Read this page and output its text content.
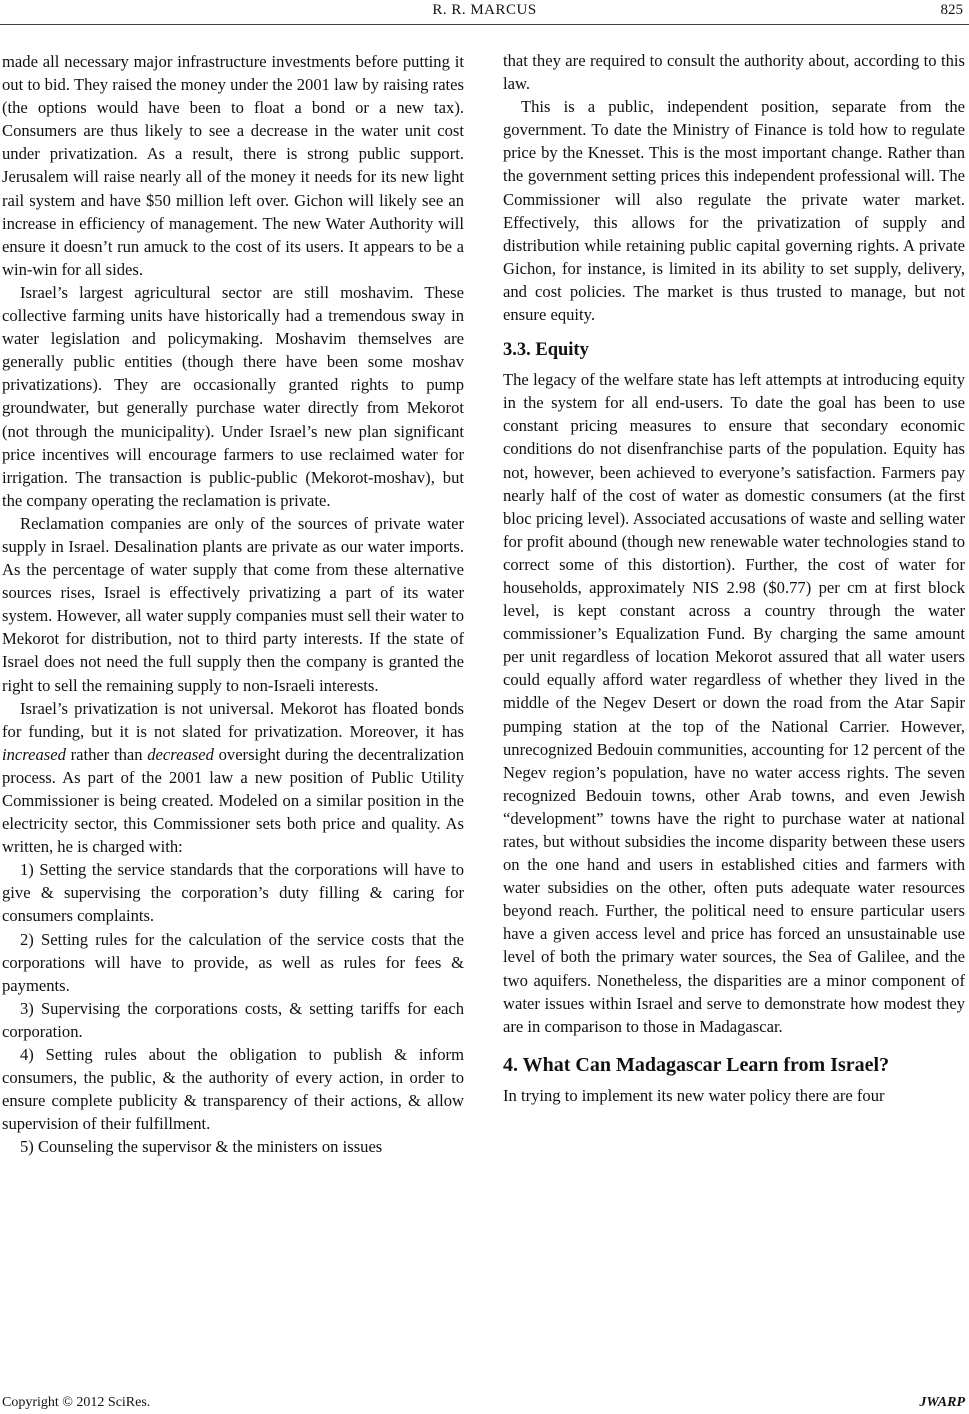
R. R. MARCUS	825

made all necessary major infrastructure investments before putting it out to bid. They raised the money under the 2001 law by raising rates (the options would have been to float a bond or a new tax). Consumers are thus likely to see a decrease in the water unit cost under privatization. As a result, there is strong public support. Jerusalem will raise nearly all of the money it needs for its new light rail system and have $50 million left over. Gichon will likely see an increase in efficiency of management. The new Water Authority will ensure it doesn’t run amuck to the cost of its users. It appears to be a win-win for all sides.

Israel’s largest agricultural sector are still moshavim. These collective farming units have historically had a tremendous sway in water legislation and policymaking. Moshavim themselves are generally public entities (though there have been some moshav privatizations). They are occasionally granted rights to pump groundwater, but generally purchase water directly from Mekorot (not through the municipality). Under Israel’s new plan significant price incentives will encourage farmers to use reclaimed water for irrigation. The transaction is public-public (Mekorot-moshav), but the company operating the reclamation is private.

Reclamation companies are only of the sources of private water supply in Israel. Desalination plants are private as our water imports. As the percentage of water supply that come from these alternative sources rises, Israel is effectively privatizing a part of its water system. However, all water supply companies must sell their water to Mekorot for distribution, not to third party interests. If the state of Israel does not need the full supply then the company is granted the right to sell the remaining supply to non-Israeli interests.

Israel’s privatization is not universal. Mekorot has floated bonds for funding, but it is not slated for privatization. Moreover, it has increased rather than decreased oversight during the decentralization process. As part of the 2001 law a new position of Public Utility Commissioner is being created. Modeled on a similar position in the electricity sector, this Commissioner sets both price and quality. As written, he is charged with:

1) Setting the service standards that the corporations will have to give & supervising the corporation’s duty filling & caring for consumers complaints.

2) Setting rules for the calculation of the service costs that the corporations will have to provide, as well as rules for fees & payments.

3) Supervising the corporations costs, & setting tariffs for each corporation.

4) Setting rules about the obligation to publish & inform consumers, the public, & the authority of every action, in order to ensure complete publicity & transparency of their actions, & allow supervision of their fulfillment.

5) Counseling the supervisor & the ministers on issues

that they are required to consult the authority about, according to this law.

This is a public, independent position, separate from the government. To date the Ministry of Finance is told how to regulate price by the Knesset. This is the most important change. Rather than the government setting prices this independent professional will. The Commissioner will also regulate the private water market. Effectively, this allows for the privatization of supply and distribution while retaining public capital governing rights. A private Gichon, for instance, is limited in its ability to set supply, delivery, and cost policies. The market is thus trusted to manage, but not ensure equity.

3.3. Equity

The legacy of the welfare state has left attempts at introducing equity in the system for all end-users. To date the goal has been to use constant pricing measures to ensure that secondary economic conditions do not disenfranchise parts of the population. Equity has not, however, been achieved to everyone’s satisfaction. Farmers pay nearly half of the cost of water as domestic consumers (at the first bloc pricing level). Associated accusations of waste and selling water for profit abound (though new renewable water technologies stand to correct some of this distortion). Further, the cost of water for households, approximately NIS 2.98 ($0.77) per cm at first block level, is kept constant across a country through the water commissioner’s Equalization Fund. By charging the same amount per unit regardless of location Mekorot assured that all water users could equally afford water regardless of whether they lived in the middle of the Negev Desert or down the road from the Atar Sapir pumping station at the top of the National Carrier. However, unrecognized Bedouin communities, accounting for 12 percent of the Negev region’s population, have no water access rights. The seven recognized Bedouin towns, other Arab towns, and even Jewish “development” towns have the right to purchase water at national rates, but without subsidies the income disparity between these users on the one hand and users in established cities and farmers with water subsidies on the other, often puts adequate water resources beyond reach. Further, the political need to ensure particular users have a given access level and price has forced an unsustainable use level of both the primary water sources, the Sea of Galilee, and the two aquifers. Nonetheless, the disparities are a minor component of water issues within Israel and serve to demonstrate how modest they are in comparison to those in Madagascar.

4. What Can Madagascar Learn from Israel?

In trying to implement its new water policy there are four

Copyright © 2012 SciRes.	JWARP
